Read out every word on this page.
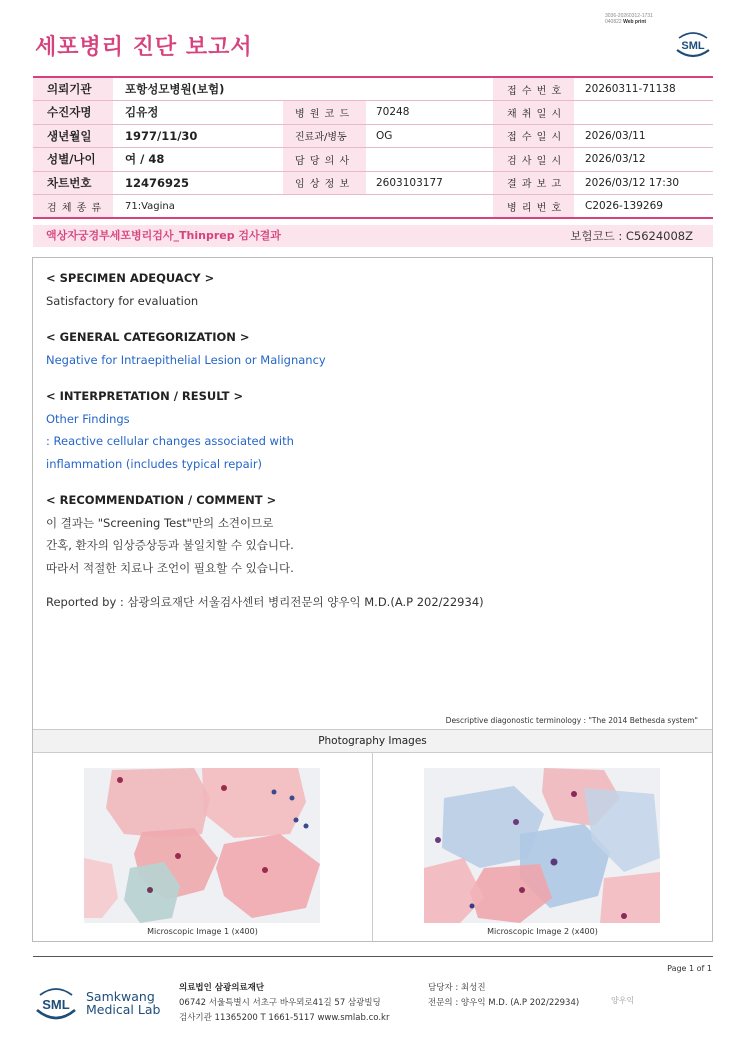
3036-20260312-1731
040822 Web print
세포병리 진단 보고서	SML
의뢰기관	포항성모병원(보험)			접 수 번 호	20260311-71138
수진자명	김유정	병 원 코 드	70248	채 취 일 시	
생년월일	1977/11/30	진료과/병동	OG	접 수 일 시	2026/03/11
성별/나이	여 / 48	담 당 의 사		검 사 일 시	2026/03/12
차트번호	12476925	임 상 정 보	2603103177	결 과 보 고	2026/03/12 17:30
검 체 종 류	71:Vagina			병 리 번 호	C2026-139269
액상자궁경부세포병리검사_Thinprep 검사결과	보험코드 : C5624008Z
< SPECIMEN ADEQUACY >
Satisfactory for evaluation
< GENERAL CATEGORIZATION >
Negative for Intraepithelial Lesion or Malignancy
< INTERPRETATION / RESULT >
Other Findings
: Reactive cellular changes associated with
inflammation (includes typical repair)
< RECOMMENDATION / COMMENT >
이 결과는 "Screening Test"만의 소견이므로
간혹, 환자의 임상증상등과 불일치할 수 있습니다.
따라서 적절한 치료나 조언이 필요할 수 있습니다.
Reported by : 삼광의료재단 서울검사센터 병리전문의 양우익 M.D.(A.P 202/22934)
Descriptive diagonostic terminology : "The 2014 Bethesda system"
Photography Images
Microscopic Image 1 (x400)	Microscopic Image 2 (x400)
Page 1 of 1
SML
Samkwang
Medical Lab
의료법인 삼광의료재단
06742 서울특별시 서초구 바우뫼로41길 57 삼광빌딩
검사기관 11365200 T 1661-5117 www.smlab.co.kr
담당자 : 최성진
전문의 : 양우익 M.D. (A.P 202/22934)	양우익
